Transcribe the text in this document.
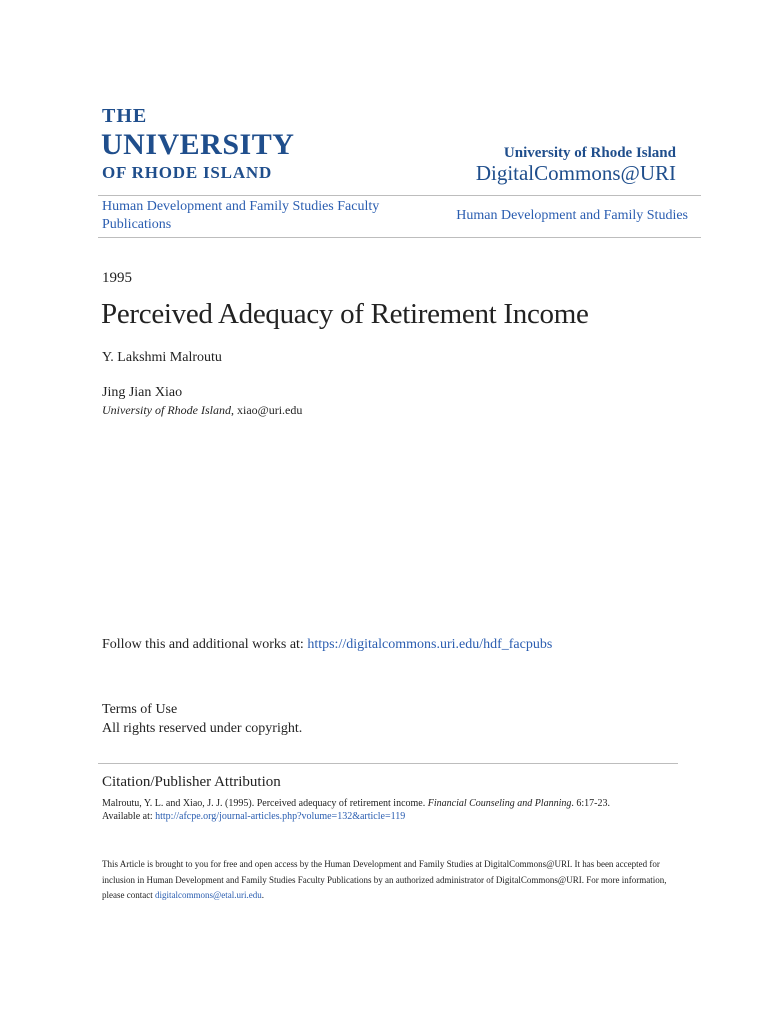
THE
UNIVERSITY
OF RHODE ISLAND
University of Rhode Island
DigitalCommons@URI
Human Development and Family Studies Faculty Publications
Human Development and Family Studies
1995
Perceived Adequacy of Retirement Income
Y. Lakshmi Malroutu
Jing Jian Xiao
University of Rhode Island, xiao@uri.edu
Follow this and additional works at: https://digitalcommons.uri.edu/hdf_facpubs
Terms of Use
All rights reserved under copyright.
Citation/Publisher Attribution
Malroutu, Y. L. and Xiao, J. J. (1995). Perceived adequacy of retirement income. Financial Counseling and Planning. 6:17-23.
Available at: http://afcpe.org/journal-articles.php?volume=132&article=119
This Article is brought to you for free and open access by the Human Development and Family Studies at DigitalCommons@URI. It has been accepted for inclusion in Human Development and Family Studies Faculty Publications by an authorized administrator of DigitalCommons@URI. For more information, please contact digitalcommons@etal.uri.edu.
